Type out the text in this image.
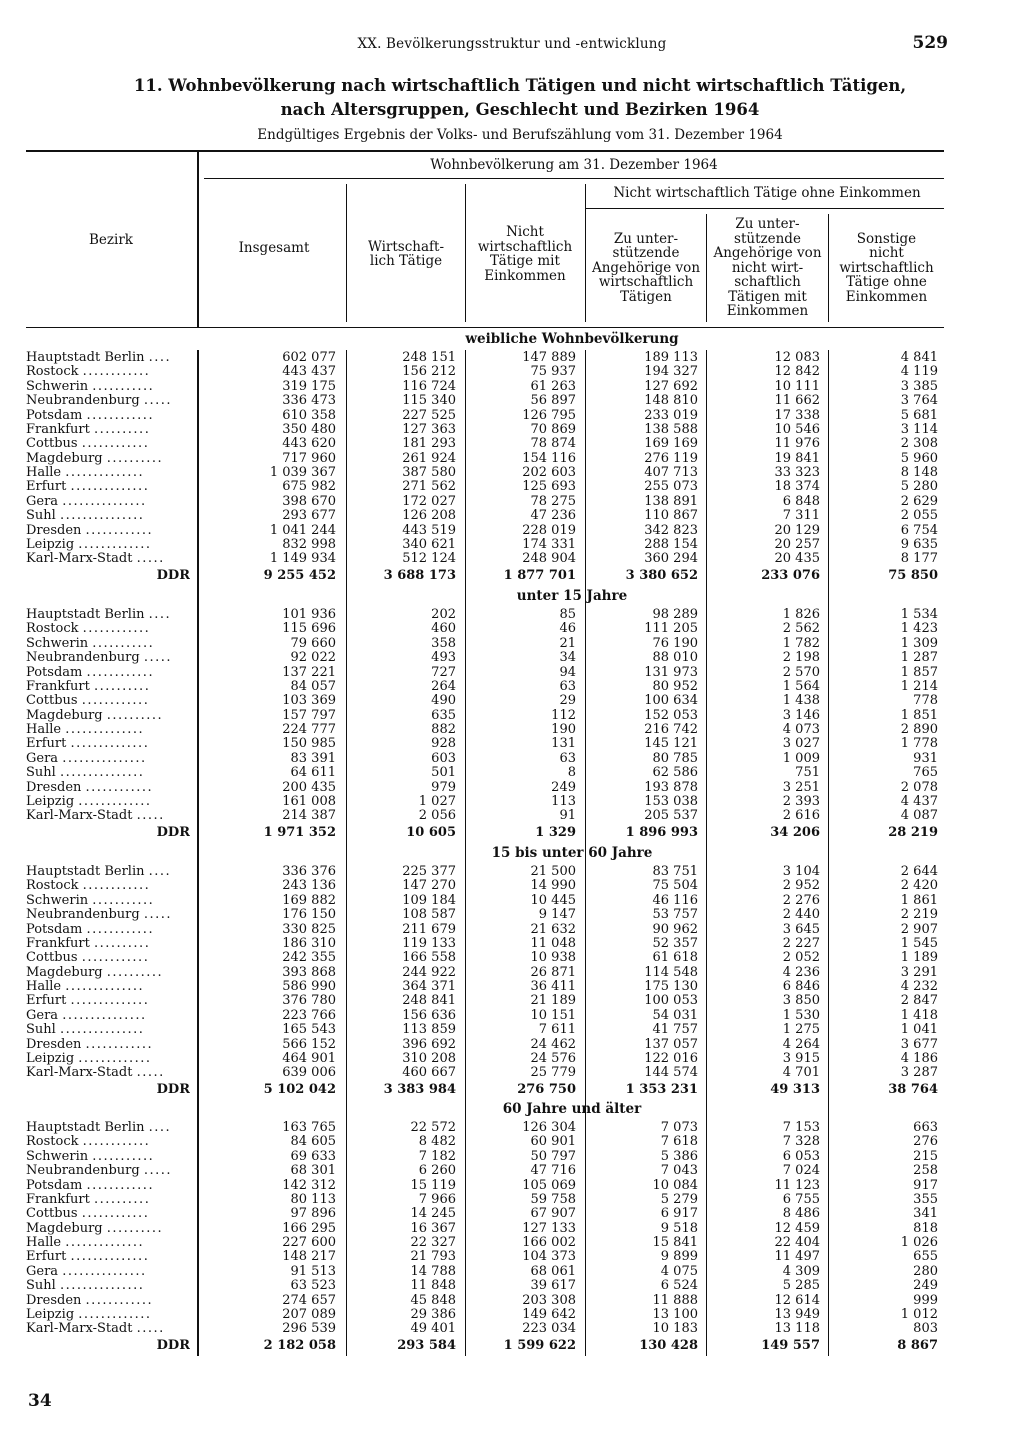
XX. Bevölkerungsstruktur und -entwicklung	529
11. Wohnbevölkerung nach wirtschaftlich Tätigen und nicht wirtschaftlich Tätigen,
nach Altersgruppen, Geschlecht und Bezirken 1964
Endgültiges Ergebnis der Volks- und Berufszählung vom 31. Dezember 1964
Bezirk
Wohnbevölkerung am 31. Dezember 1964
Nicht wirtschaftlich Tätige ohne Einkommen
Insgesamt	Wirtschaft-
lich Tätige
Nicht
wirtschaftlich
Tätige mit
Einkommen
Zu unter-
stützende
Angehörige von
wirtschaftlich
Tätigen
Zu unter-
stützende
Angehörige von
nicht wirt-
schaftlich
Tätigen mit
Einkommen
Sonstige
nicht
wirtschaftlich
Tätige ohne
Einkommen
weibliche Wohnbevölkerung
Hauptstadt Berlin ....	602 077	248 151	147 889	189 113	12 083	4 841
Rostock ............	443 437	156 212	75 937	194 327	12 842	4 119
Schwerin ...........	319 175	116 724	61 263	127 692	10 111	3 385
Neubrandenburg .....	336 473	115 340	56 897	148 810	11 662	3 764
Potsdam ............	610 358	227 525	126 795	233 019	17 338	5 681
Frankfurt ..........	350 480	127 363	70 869	138 588	10 546	3 114
Cottbus ............	443 620	181 293	78 874	169 169	11 976	2 308
Magdeburg ..........	717 960	261 924	154 116	276 119	19 841	5 960
Halle ..............	1 039 367	387 580	202 603	407 713	33 323	8 148
Erfurt ..............	675 982	271 562	125 693	255 073	18 374	5 280
Gera ...............	398 670	172 027	78 275	138 891	6 848	2 629
Suhl ...............	293 677	126 208	47 236	110 867	7 311	2 055
Dresden ............	1 041 244	443 519	228 019	342 823	20 129	6 754
Leipzig .............	832 998	340 621	174 331	288 154	20 257	9 635
Karl-Marx-Stadt .....	1 149 934	512 124	248 904	360 294	20 435	8 177
DDR	9 255 452	3 688 173	1 877 701	3 380 652	233 076	75 850
unter 15 Jahre
Hauptstadt Berlin ....	101 936	202	85	98 289	1 826	1 534
Rostock ............	115 696	460	46	111 205	2 562	1 423
Schwerin ...........	79 660	358	21	76 190	1 782	1 309
Neubrandenburg .....	92 022	493	34	88 010	2 198	1 287
Potsdam ............	137 221	727	94	131 973	2 570	1 857
Frankfurt ..........	84 057	264	63	80 952	1 564	1 214
Cottbus ............	103 369	490	29	100 634	1 438	778
Magdeburg ..........	157 797	635	112	152 053	3 146	1 851
Halle ..............	224 777	882	190	216 742	4 073	2 890
Erfurt ..............	150 985	928	131	145 121	3 027	1 778
Gera ...............	83 391	603	63	80 785	1 009	931
Suhl ...............	64 611	501	8	62 586	751	765
Dresden ............	200 435	979	249	193 878	3 251	2 078
Leipzig .............	161 008	1 027	113	153 038	2 393	4 437
Karl-Marx-Stadt .....	214 387	2 056	91	205 537	2 616	4 087
DDR	1 971 352	10 605	1 329	1 896 993	34 206	28 219
15 bis unter 60 Jahre
Hauptstadt Berlin ....	336 376	225 377	21 500	83 751	3 104	2 644
Rostock ............	243 136	147 270	14 990	75 504	2 952	2 420
Schwerin ...........	169 882	109 184	10 445	46 116	2 276	1 861
Neubrandenburg .....	176 150	108 587	9 147	53 757	2 440	2 219
Potsdam ............	330 825	211 679	21 632	90 962	3 645	2 907
Frankfurt ..........	186 310	119 133	11 048	52 357	2 227	1 545
Cottbus ............	242 355	166 558	10 938	61 618	2 052	1 189
Magdeburg ..........	393 868	244 922	26 871	114 548	4 236	3 291
Halle ..............	586 990	364 371	36 411	175 130	6 846	4 232
Erfurt ..............	376 780	248 841	21 189	100 053	3 850	2 847
Gera ...............	223 766	156 636	10 151	54 031	1 530	1 418
Suhl ...............	165 543	113 859	7 611	41 757	1 275	1 041
Dresden ............	566 152	396 692	24 462	137 057	4 264	3 677
Leipzig .............	464 901	310 208	24 576	122 016	3 915	4 186
Karl-Marx-Stadt .....	639 006	460 667	25 779	144 574	4 701	3 287
DDR	5 102 042	3 383 984	276 750	1 353 231	49 313	38 764
60 Jahre und älter
Hauptstadt Berlin ....	163 765	22 572	126 304	7 073	7 153	663
Rostock ............	84 605	8 482	60 901	7 618	7 328	276
Schwerin ...........	69 633	7 182	50 797	5 386	6 053	215
Neubrandenburg .....	68 301	6 260	47 716	7 043	7 024	258
Potsdam ............	142 312	15 119	105 069	10 084	11 123	917
Frankfurt ..........	80 113	7 966	59 758	5 279	6 755	355
Cottbus ............	97 896	14 245	67 907	6 917	8 486	341
Magdeburg ..........	166 295	16 367	127 133	9 518	12 459	818
Halle ..............	227 600	22 327	166 002	15 841	22 404	1 026
Erfurt ..............	148 217	21 793	104 373	9 899	11 497	655
Gera ...............	91 513	14 788	68 061	4 075	4 309	280
Suhl ...............	63 523	11 848	39 617	6 524	5 285	249
Dresden ............	274 657	45 848	203 308	11 888	12 614	999
Leipzig .............	207 089	29 386	149 642	13 100	13 949	1 012
Karl-Marx-Stadt .....	296 539	49 401	223 034	10 183	13 118	803
DDR	2 182 058	293 584	1 599 622	130 428	149 557	8 867
34
